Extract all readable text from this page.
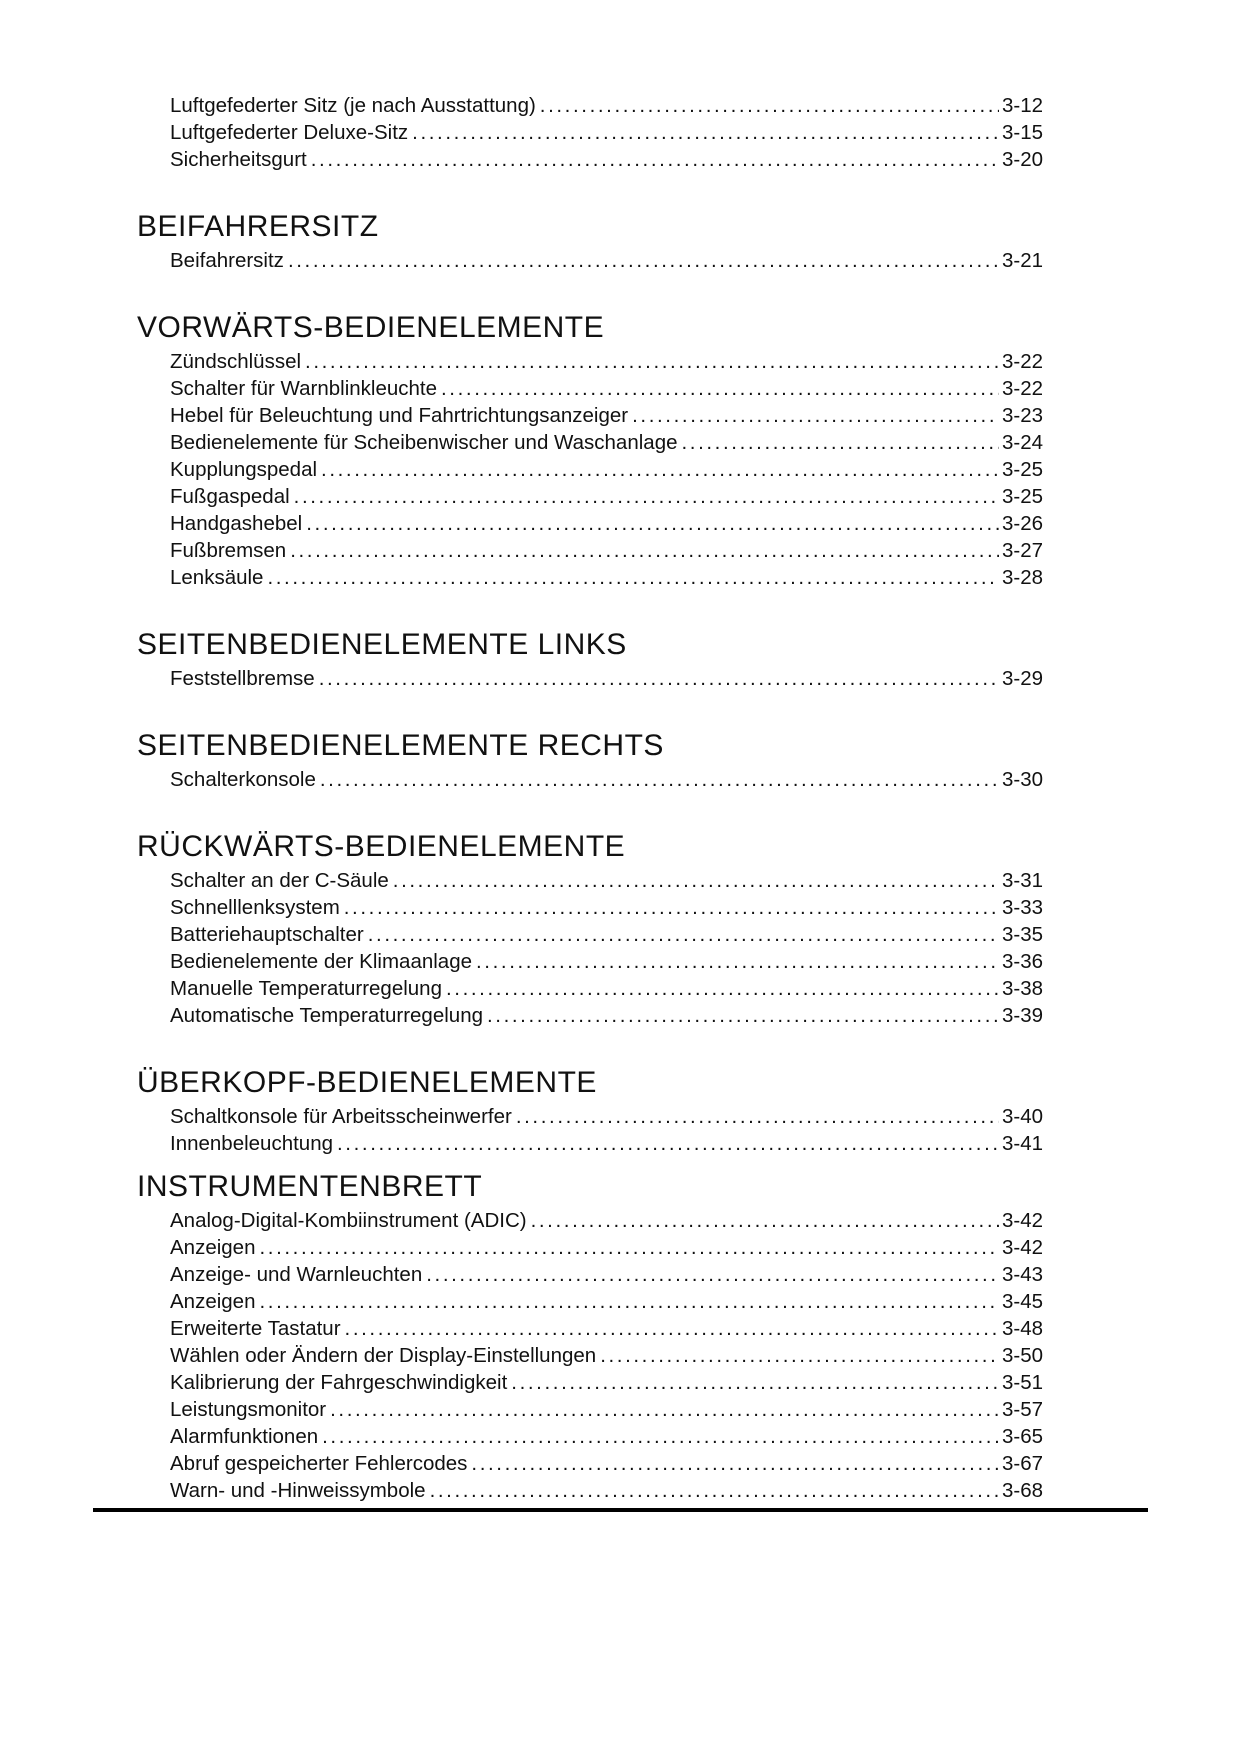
Luftgefederter Sitz (je nach Ausstattung) .....	3-12
Luftgefederter Deluxe-Sitz .....	3-15
Sicherheitsgurt .....	3-20
BEIFAHRERSITZ
Beifahrersitz .....	3-21
VORWÄRTS-BEDIENELEMENTE
Zündschlüssel .....	3-22
Schalter für Warnblinkleuchte .....	3-22
Hebel für Beleuchtung und Fahrtrichtungsanzeiger .....	3-23
Bedienelemente für Scheibenwischer und Waschanlage .....	3-24
Kupplungspedal .....	3-25
Fußgaspedal .....	3-25
Handgashebel .....	3-26
Fußbremsen .....	3-27
Lenksäule .....	3-28
SEITENBEDIENELEMENTE LINKS
Feststellbremse .....	3-29
SEITENBEDIENELEMENTE RECHTS
Schalterkonsole .....	3-30
RÜCKWÄRTS-BEDIENELEMENTE
Schalter an der C-Säule .....	3-31
Schnelllenksystem .....	3-33
Batteriehauptschalter .....	3-35
Bedienelemente der Klimaanlage .....	3-36
Manuelle Temperaturregelung .....	3-38
Automatische Temperaturregelung .....	3-39
ÜBERKOPF-BEDIENELEMENTE
Schaltkonsole für Arbeitsscheinwerfer .....	3-40
Innenbeleuchtung .....	3-41
INSTRUMENTENBRETT
Analog-Digital-Kombiinstrument (ADIC) .....	3-42
Anzeigen .....	3-42
Anzeige- und Warnleuchten .....	3-43
Anzeigen .....	3-45
Erweiterte Tastatur .....	3-48
Wählen oder Ändern der Display-Einstellungen .....	3-50
Kalibrierung der Fahrgeschwindigkeit .....	3-51
Leistungsmonitor .....	3-57
Alarmfunktionen .....	3-65
Abruf gespeicherter Fehlercodes .....	3-67
Warn- und -Hinweissymbole .....	3-68
